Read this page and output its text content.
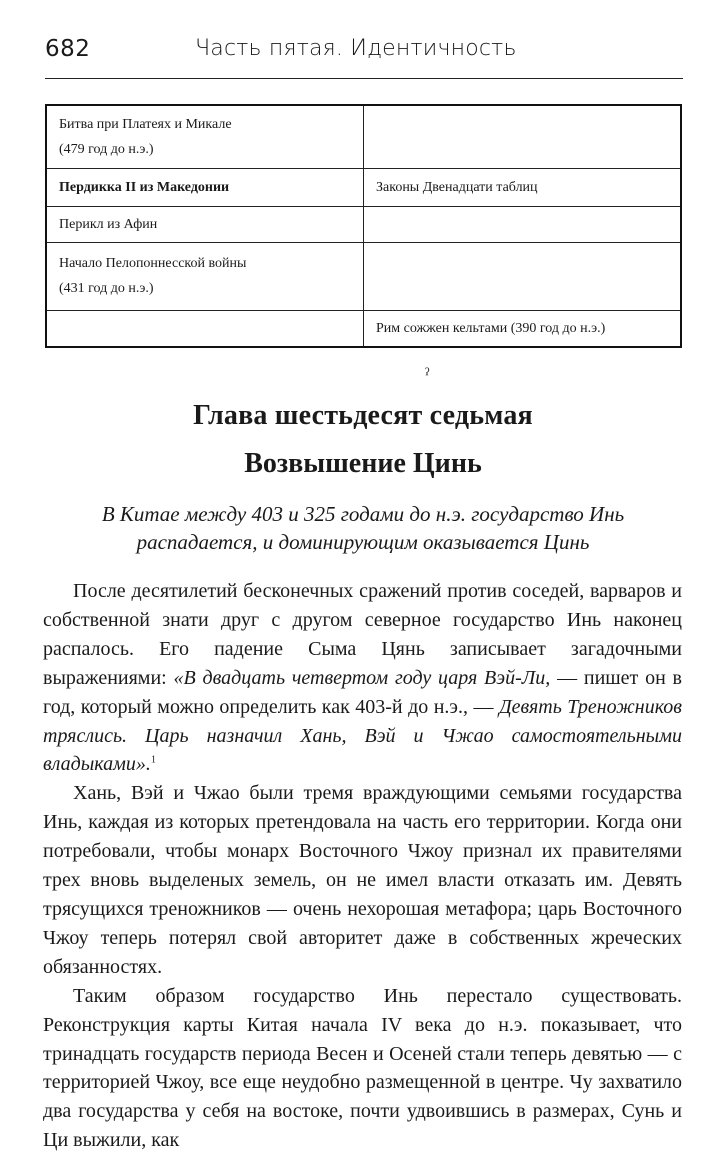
682	Часть пятая. Идентичность
Битва при Платеях и Микале
(479 год до н.э.)	

Пердикка II из Македонии	Законы Двенадцати таблиц

Перикл из Афин	

Начало Пелопоннесской войны
(431 год до н.э.)	

	Рим сожжен кельтами (390 год до н.э.)
ˀ
Глава шестьдесят седьмая
Возвышение Цинь
В Китае между 403 и 325 годами до н.э. государство Инь распадается, и доминирующим оказывается Цинь

После десятилетий бесконечных сражений против соседей, варваров и собственной знати друг с другом северное государство Инь наконец распалось. Его падение Сыма Цянь записывает загадочными выражениями: «В двадцать четвертом году царя Вэй-Ли, — пишет он в год, который можно определить как 403-й до н.э., — Девять Треножников тряслись. Царь назначил Хань, Вэй и Чжао самостоятельными владыками».$^1$

Хань, Вэй и Чжао были тремя враждующими семьями государства Инь, каждая из которых претендовала на часть его территории. Когда они потребовали, чтобы монарх Восточного Чжоу признал их правителями трех вновь выделеных земель, он не имел власти отказать им. Девять трясущихся треножников — очень нехорошая метафора; царь Восточного Чжоу теперь потерял свой авторитет даже в собственных жреческих обязанностях.

Таким образом государство Инь перестало существовать. Реконструкция карты Китая начала IV века до н.э. показывает, что тринадцать государств периода Весен и Осеней стали теперь девятью — с территорией Чжоу, все еще неудобно размещенной в центре. Чу захватило два государства у себя на востоке, почти удвоившись в размерах, Сунь и Ци выжили, как
